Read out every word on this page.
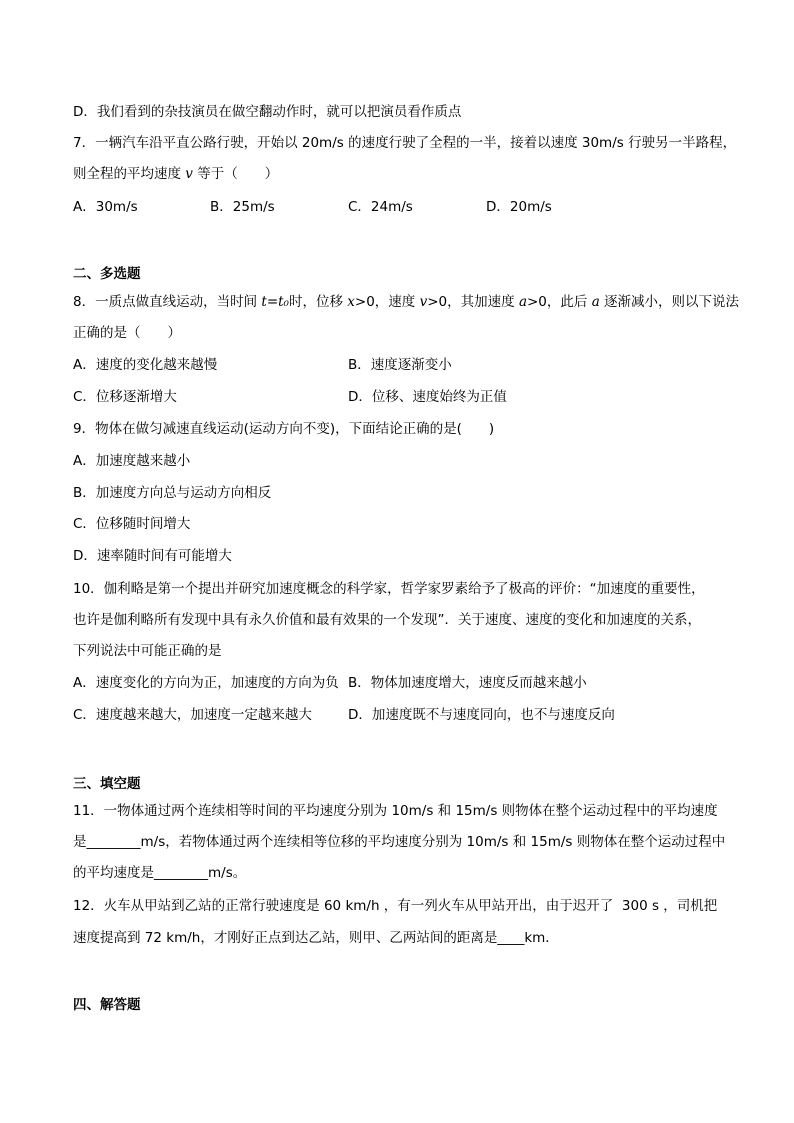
D．我们看到的杂技演员在做空翻动作时，就可以把演员看作质点
7．一辆汽车沿平直公路行驶，开始以 20m/s 的速度行驶了全程的一半，接着以速度 30m/s 行驶另一半路程，
则全程的平均速度 v 等于（　　）
A．30m/s	B．25m/s	C．24m/s	D．20m/s
二、多选题
8．一质点做直线运动，当时间 t=t₀时，位移 x>0，速度 v>0，其加速度 a>0，此后 a 逐渐减小，则以下说法
正确的是（　　）
A．速度的变化越来越慢	B．速度逐渐变小
C．位移逐渐增大	D．位移、速度始终为正值
9．物体在做匀减速直线运动(运动方向不变)，下面结论正确的是(　　)
A．加速度越来越小
B．加速度方向总与运动方向相反
C．位移随时间增大
D．速率随时间有可能增大
10．伽利略是第一个提出并研究加速度概念的科学家，哲学家罗素给予了极高的评价：“加速度的重要性，
也许是伽利略所有发现中具有永久价值和最有效果的一个发现”．关于速度、速度的变化和加速度的关系，
下列说法中可能正确的是
A．速度变化的方向为正，加速度的方向为负 B．物体加速度增大，速度反而越来越小
C．速度越来越大，加速度一定越来越大	D．加速度既不与速度同向，也不与速度反向
三、填空题
11．一物体通过两个连续相等时间的平均速度分别为 10m/s 和 15m/s 则物体在整个运动过程中的平均速度
是________m/s，若物体通过两个连续相等位移的平均速度分别为 10m/s 和 15m/s 则物体在整个运动过程中
的平均速度是________m/s。
12．火车从甲站到乙站的正常行驶速度是 60 km/h ，有一列火车从甲站开出，由于迟开了  300 s ，司机把
速度提高到 72 km/h，才刚好正点到达乙站，则甲、乙两站间的距离是____km．
四、解答题
